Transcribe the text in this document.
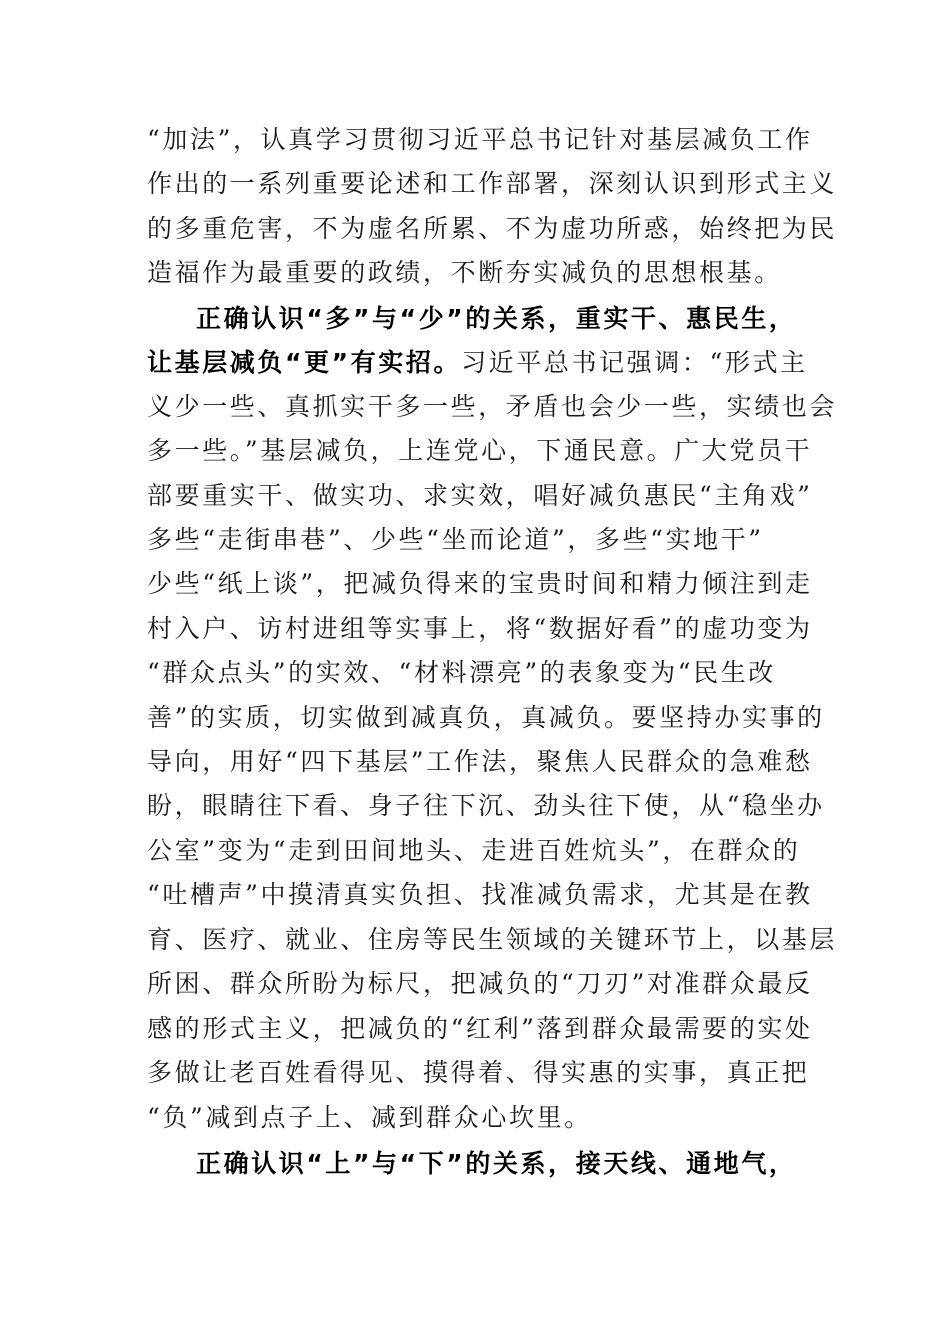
“加法”，认真学习贯彻习近平总书记针对基层减负工作
作出的一系列重要论述和工作部署，深刻认识到形式主义
的多重危害，不为虚名所累、不为虚功所惑，始终把为民
造福作为最重要的政绩，不断夯实减负的思想根基。
正确认识“多”与“少”的关系，重实干、惠民生，
让基层减负“更”有实招。习近平总书记强调：“形式主
义少一些、真抓实干多一些，矛盾也会少一些，实绩也会
多一些。”基层减负，上连党心，下通民意。广大党员干
部要重实干、做实功、求实效，唱好减负惠民“主角戏”
多些“走街串巷”、少些“坐而论道”，多些“实地干”
少些“纸上谈”，把减负得来的宝贵时间和精力倾注到走
村入户、访村进组等实事上，将“数据好看”的虚功变为
“群众点头”的实效、“材料漂亮”的表象变为“民生改
善”的实质，切实做到减真负，真减负。要坚持办实事的
导向，用好“四下基层”工作法，聚焦人民群众的急难愁
盼，眼睛往下看、身子往下沉、劲头往下使，从“稳坐办
公室”变为“走到田间地头、走进百姓炕头”，在群众的
“吐槽声”中摸清真实负担、找准减负需求，尤其是在教
育、医疗、就业、住房等民生领域的关键环节上，以基层
所困、群众所盼为标尺，把减负的“刀刃”对准群众最反
感的形式主义，把减负的“红利”落到群众最需要的实处
多做让老百姓看得见、摸得着、得实惠的实事，真正把
“负”减到点子上、减到群众心坎里。
正确认识“上”与“下”的关系，接天线、通地气，
